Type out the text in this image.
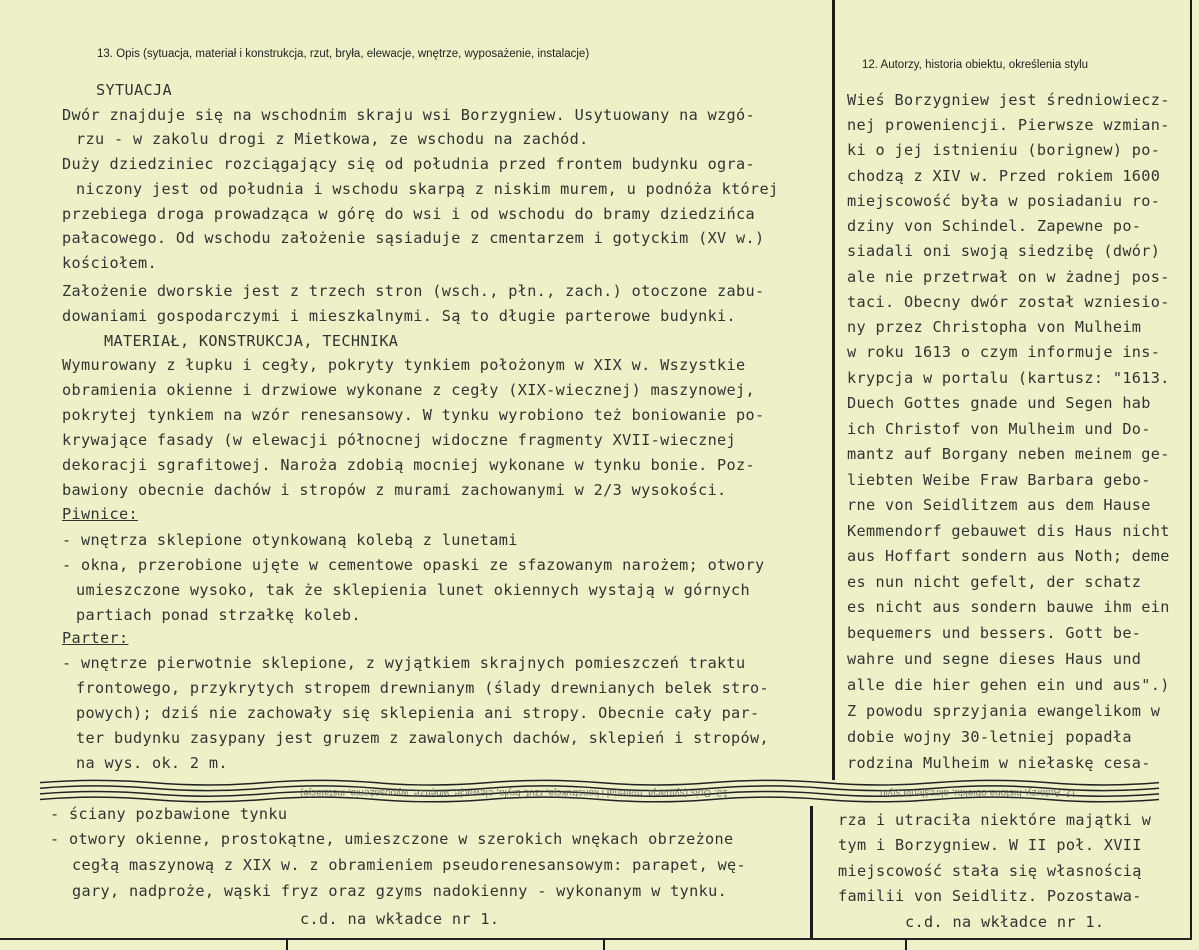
13. Opis (sytuacja, materiał i konstrukcja, rzut, bryła, elewacje, wnętrze, wyposażenie, instalacje)
12. Autorzy, historia obiektu, określenia stylu
SYTUACJA
Dwór znajduje się na wschodnim skraju wsi Borzygniew. Usytuowany na wzgó-
rzu - w zakolu drogi z Mietkowa, ze wschodu na zachód.
Duży dziedziniec rozciągający się od południa przed frontem budynku ogra-
niczony jest od południa i wschodu skarpą z niskim murem, u podnóża której
przebiega droga prowadząca w górę do wsi i od wschodu do bramy dziedzińca
pałacowego. Od wschodu założenie sąsiaduje z cmentarzem i gotyckim (XV w.)
kościołem.
Założenie dworskie jest z trzech stron (wsch., płn., zach.) otoczone zabu-
dowaniami gospodarczymi i mieszkalnymi. Są to długie parterowe budynki.
MATERIAŁ, KONSTRUKCJA, TECHNIKA
Wymurowany z łupku i cegły, pokryty tynkiem położonym w XIX w. Wszystkie
obramienia okienne i drzwiowe wykonane z cegły (XIX-wiecznej) maszynowej,
pokrytej tynkiem na wzór renesansowy. W tynku wyrobiono też boniowanie po-
krywające fasady (w elewacji północnej widoczne fragmenty XVII-wiecznej
dekoracji sgrafitowej. Naroża zdobią mocniej wykonane w tynku bonie. Poz-
bawiony obecnie dachów i stropów z murami zachowanymi w 2/3 wysokości.
Piwnice:
- wnętrza sklepione otynkowaną kolebą z lunetami
- okna, przerobione ujęte w cementowe opaski ze sfazowanym narożem; otwory
umieszczone wysoko, tak że sklepienia lunet okiennych wystają w górnych
partiach ponad strzałkę koleb.
Parter:
- wnętrze pierwotnie sklepione, z wyjątkiem skrajnych pomieszczeń traktu
frontowego, przykrytych stropem drewnianym (ślady drewnianych belek stro-
powych); dziś nie zachowały się sklepienia ani stropy. Obecnie cały par-
ter budynku zasypany jest gruzem z zawalonych dachów, sklepień i stropów,
na wys. ok. 2 m.
Wieś Borzygniew jest średniowiecz-
nej proweniencji. Pierwsze wzmian-
ki o jej istnieniu (borignew) po-
chodzą z XIV w. Przed rokiem 1600
miejscowość była w posiadaniu ro-
dziny von Schindel. Zapewne po-
siadali oni swoją siedzibę (dwór)
ale nie przetrwał on w żadnej pos-
taci. Obecny dwór został wzniesio-
ny przez Christopha von Mulheim
w roku 1613 o czym informuje ins-
krypcja w portalu (kartusz: "1613.
Duech Gottes gnade und Segen hab
ich Christof von Mulheim und Do-
mantz auf Borgany neben meinem ge-
liebten Weibe Fraw Barbara gebo-
rne von Seidlitzem aus dem Hause
Kemmendorf gebauwet dis Haus nicht
aus Hoffart sondern aus Noth; deme
es nun nicht gefelt, der schatz
es nicht aus sondern bauwe ihm ein
bequemers und bessers. Gott be-
wahre und segne dieses Haus und
alle die hier gehen ein und aus".)
Z powodu sprzyjania ewangelikom w
dobie wojny 30-letniej popadła
rodzina Mulheim w niełaskę cesa-
13. Opis (sytuacja, materiał i konstrukcja, rzut, bryła, elewacje, wnętrze, wyposażenie, instalacje)	12. Autorzy, historia obiektu, określenia stylu
- ściany pozbawione tynku
- otwory okienne, prostokątne, umieszczone w szerokich wnękach obrzeżone
cegłą maszynową z XIX w. z obramieniem pseudorenesansowym: parapet, wę-
gary, nadproże, wąski fryz oraz gzyms nadokienny - wykonanym w tynku.
c.d. na wkładce nr 1.
rza i utraciła niektóre majątki w
tym i Borzygniew. W II poł. XVII
miejscowość stała się własnością
familii von Seidlitz. Pozostawa-
c.d. na wkładce nr 1.
